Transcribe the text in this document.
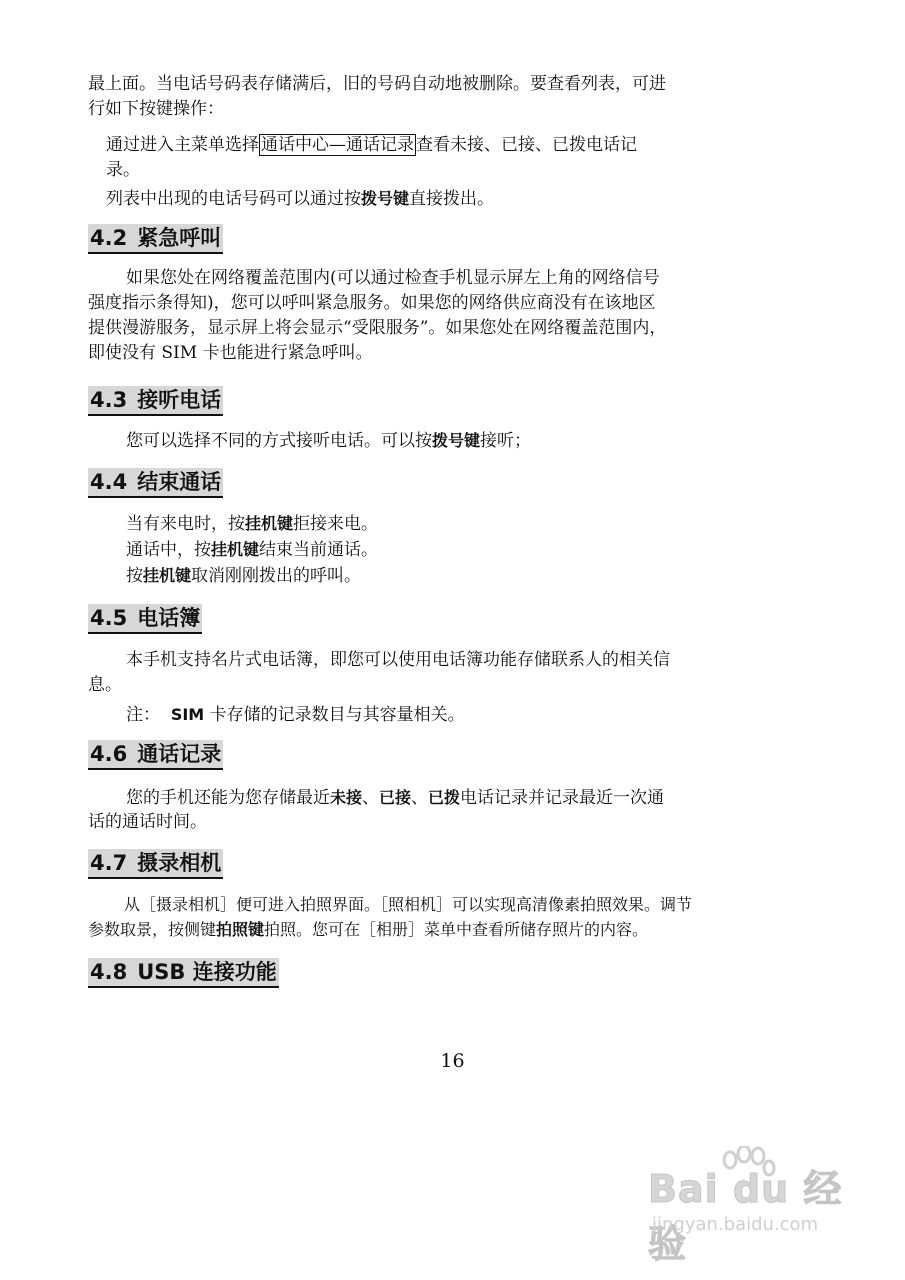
最上面。当电话号码表存储满后，旧的号码自动地被删除。要查看列表，可进
行如下按键操作：

通过进入主菜单选择 通话中心—通话记录 查看未接、已接、已拨电话记
录。

列表中出现的电话号码可以通过按拨号键直接拨出。

4.2 紧急呼叫

如果您处在网络覆盖范围内(可以通过检查手机显示屏左上角的网络信号

强度指示条得知)，您可以呼叫紧急服务。如果您的网络供应商没有在该地区
提供漫游服务，显示屏上将会显示“受限服务”。如果您处在网络覆盖范围内，
即使没有 SIM 卡也能进行紧急呼叫。

4.3 接听电话

您可以选择不同的方式接听电话。可以按拨号键接听；

4.4 结束通话

当有来电时，按挂机键拒接来电。
通话中，按挂机键结束当前通话。
按挂机键取消刚刚拨出的呼叫。

4.5 电话簿

本手机支持名片式电话簿，即您可以使用电话簿功能存储联系人的相关信

息。

注： SIM 卡存储的记录数目与其容量相关。

4.6 通话记录

您的手机还能为您存储最近未接、已接、已拨电话记录并记录最近一次通

话的通话时间。

4.7 摄录相机

从［摄录相机］便可进入拍照界面。［照相机］可以实现高清像素拍照效果。调节

参数取景，按侧键拍照键拍照。您可在［相册］菜单中查看所储存照片的内容。

4.8 USB 连接功能
16
Bai du 经验
jingyan.baidu.com
